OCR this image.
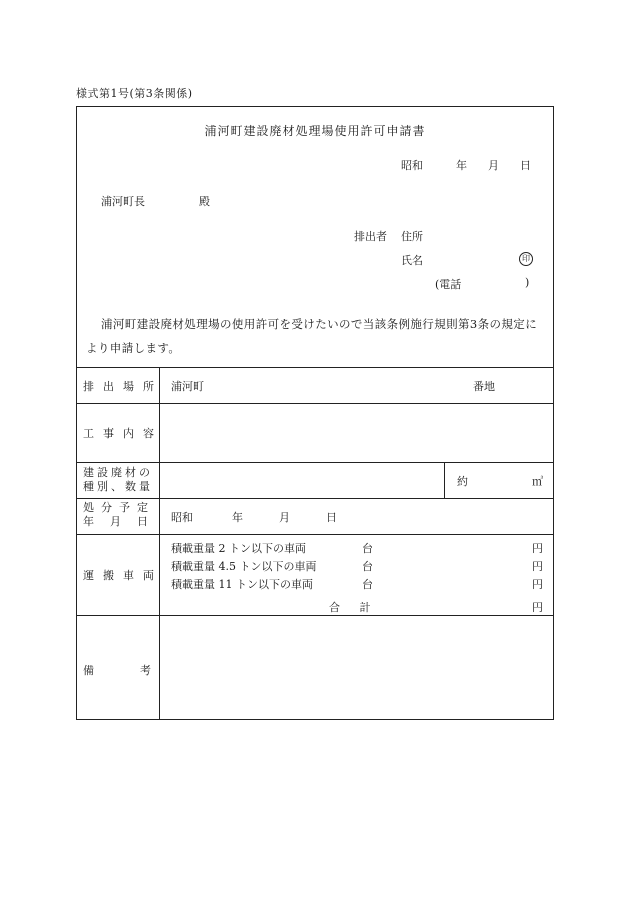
様式第1号(第3条関係)
浦河町建設廃材処理場使用許可申請書
昭和	年 月 日
浦河町長	殿
排出者 住所
氏名	印
(電話	)
浦河町建設廃材処理場の使用許可を受けたいので当該条例施行規則第3条の規定に
より申請します。
排出場所 浦河町	番地
工事内容
建設廃材の
種別、数量	約	㎥
処分予定
年月日 昭和	年	月	日
運搬車両
積載重量 2 トン以下の車両	台	円
積載重量 4.5 トン以下の車両	台	円
積載重量 11 トン以下の車両	台	円
合 計	円
備考
